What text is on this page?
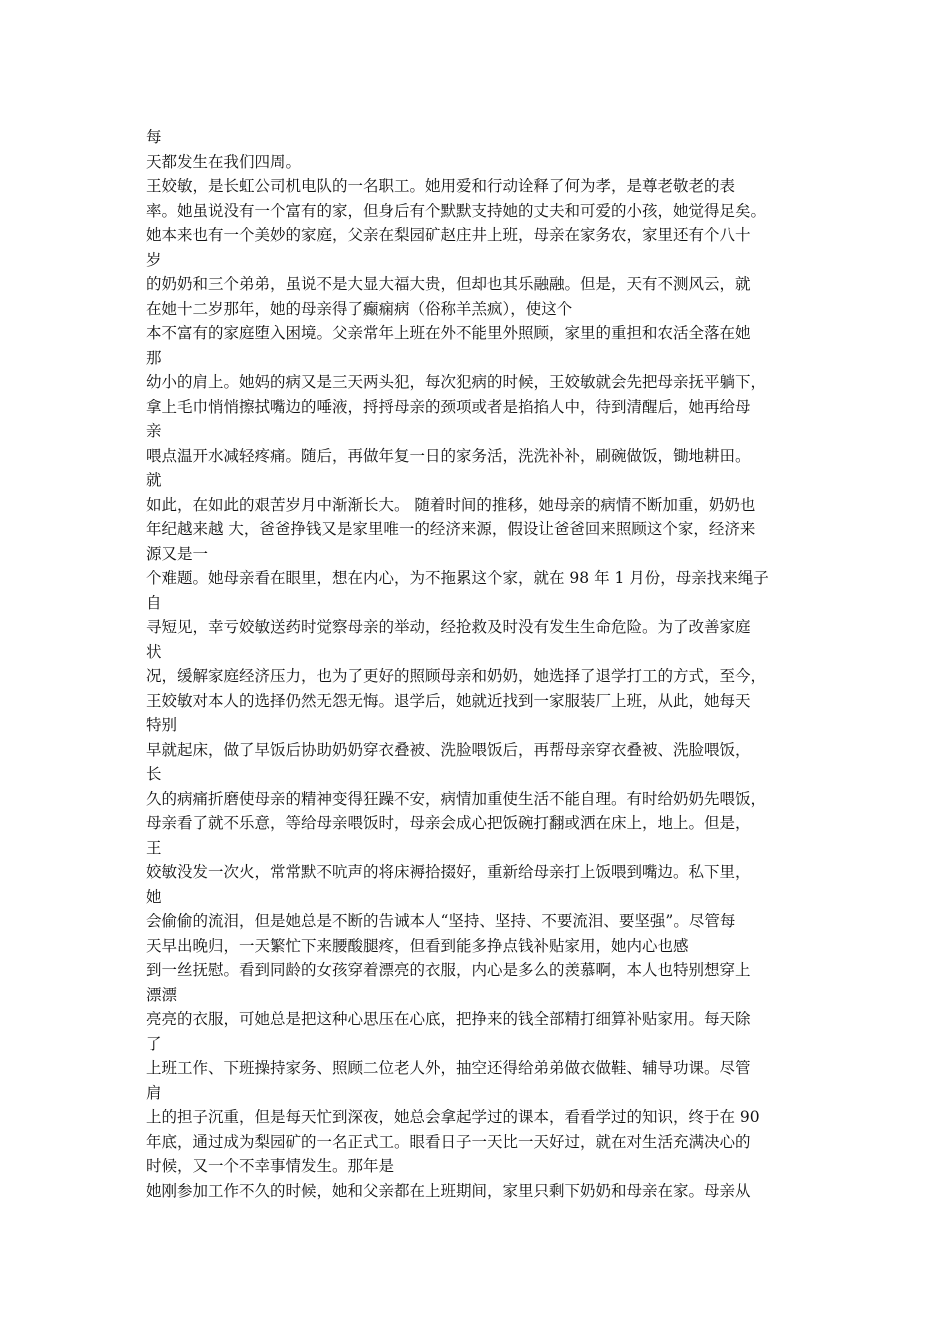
每
天都发生在我们四周。
王姣敏，是长虹公司机电队的一名职工。她用爱和行动诠释了何为孝，是尊老敬老的表
率。她虽说没有一个富有的家，但身后有个默默支持她的丈夫和可爱的小孩，她觉得足矣。
她本来也有一个美妙的家庭，父亲在梨园矿赵庄井上班，母亲在家务农，家里还有个八十
岁
的奶奶和三个弟弟，虽说不是大显大福大贵，但却也其乐融融。但是，天有不测风云，就
在她十二岁那年，她的母亲得了癫痫病（俗称羊羔疯），使这个
本不富有的家庭堕入困境。父亲常年上班在外不能里外照顾，家里的重担和农活全落在她
那
幼小的肩上。她妈的病又是三天两头犯，每次犯病的时候，王姣敏就会先把母亲抚平躺下，
拿上毛巾悄悄擦拭嘴边的唾液，捋捋母亲的颈项或者是掐掐人中，待到清醒后，她再给母
亲
喂点温开水减轻疼痛。随后，再做年复一日的家务活，洗洗补补，刷碗做饭，锄地耕田。
就
如此，在如此的艰苦岁月中渐渐长大。 随着时间的推移，她母亲的病情不断加重，奶奶也
年纪越来越 大，爸爸挣钱又是家里唯一的经济来源，假设让爸爸回来照顾这个家，经济来
源又是一
个难题。她母亲看在眼里，想在内心，为不拖累这个家，就在 98 年 1 月份，母亲找来绳子
自
寻短见，幸亏姣敏送药时觉察母亲的举动，经抢救及时没有发生生命危险。为了改善家庭
状
况，缓解家庭经济压力，也为了更好的照顾母亲和奶奶，她选择了退学打工的方式，至今，
王姣敏对本人的选择仍然无怨无悔。退学后，她就近找到一家服装厂上班，从此，她每天
特别
早就起床，做了早饭后协助奶奶穿衣叠被、洗脸喂饭后，再帮母亲穿衣叠被、洗脸喂饭，
长
久的病痛折磨使母亲的精神变得狂躁不安，病情加重使生活不能自理。有时给奶奶先喂饭，
母亲看了就不乐意，等给母亲喂饭时，母亲会成心把饭碗打翻或洒在床上，地上。但是，
王
姣敏没发一次火，常常默不吭声的将床褥拾掇好，重新给母亲打上饭喂到嘴边。私下里，
她
会偷偷的流泪，但是她总是不断的告诫本人“坚持、坚持、不要流泪、要坚强”。尽管每
天早出晚归，一天繁忙下来腰酸腿疼，但看到能多挣点钱补贴家用，她内心也感
到一丝抚慰。看到同龄的女孩穿着漂亮的衣服，内心是多么的羡慕啊，本人也特别想穿上
漂漂
亮亮的衣服，可她总是把这种心思压在心底，把挣来的钱全部精打细算补贴家用。每天除
了
上班工作、下班操持家务、照顾二位老人外，抽空还得给弟弟做衣做鞋、辅导功课。尽管
肩
上的担子沉重，但是每天忙到深夜，她总会拿起学过的课本，看看学过的知识，终于在 90
年底，通过成为梨园矿的一名正式工。眼看日子一天比一天好过，就在对生活充满决心的
时候，又一个不幸事情发生。那年是
她刚参加工作不久的时候，她和父亲都在上班期间，家里只剩下奶奶和母亲在家。母亲从
